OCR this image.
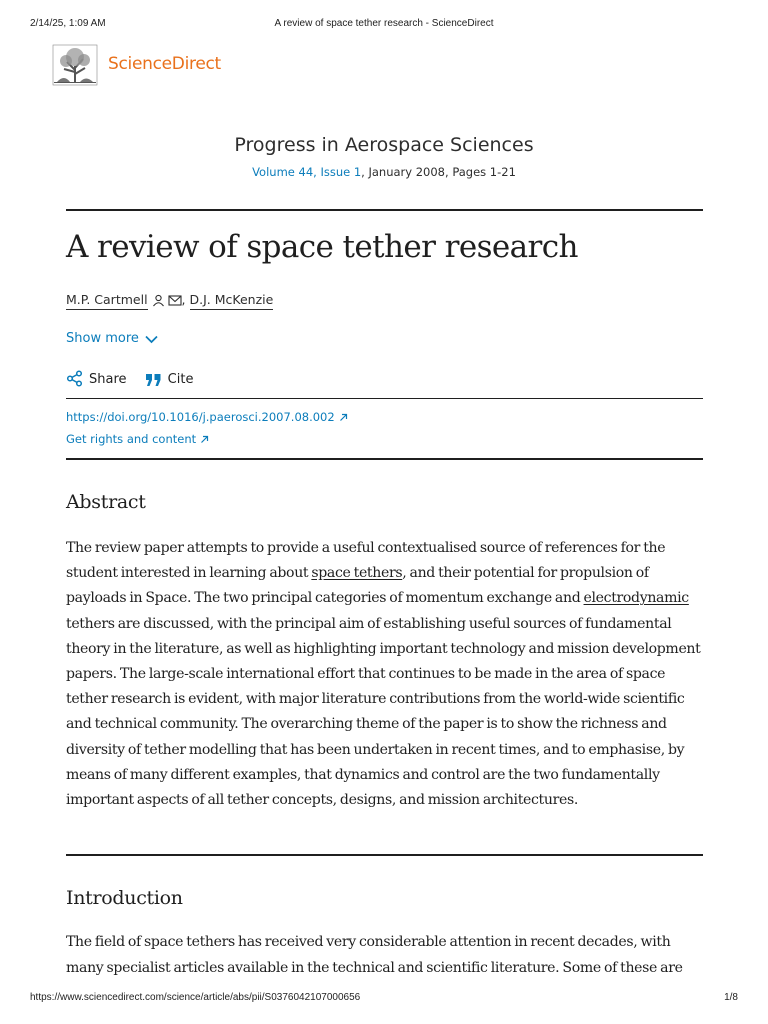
2/14/25, 1:09 AM	A review of space tether research - ScienceDirect
ScienceDirect
Progress in Aerospace Sciences
Volume 44, Issue 1, January 2008, Pages 1-21
A review of space tether research
M.P. Cartmell	, D.J. McKenzie
Show more
Share	Cite
https://doi.org/10.1016/j.paerosci.2007.08.002
Get rights and content
Abstract

The review paper attempts to provide a useful contextualised source of references for the student interested in learning about space tethers, and their potential for propulsion of payloads in Space. The two principal categories of momentum exchange and electrodynamic tethers are discussed, with the principal aim of establishing useful sources of fundamental theory in the literature, as well as highlighting important technology and mission development papers. The large-scale international effort that continues to be made in the area of space tether research is evident, with major literature contributions from the world-wide scientific and technical community. The overarching theme of the paper is to show the richness and diversity of tether modelling that has been undertaken in recent times, and to emphasise, by means of many different examples, that dynamics and control are the two fundamentally important aspects of all tether concepts, designs, and mission architectures.

Introduction

The field of space tethers has received very considerable attention in recent decades, with many specialist articles available in the technical and scientific literature. Some of these are

https://www.sciencedirect.com/science/article/abs/pii/S0376042107000656	1/8
